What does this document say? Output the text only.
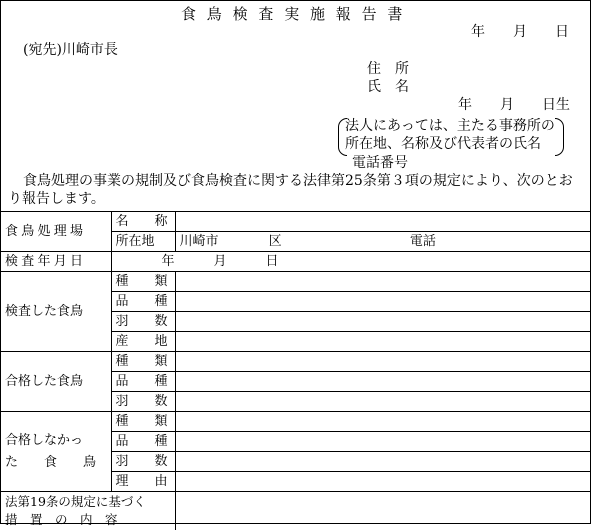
食鳥検査実施報告書
年　　月　　日
(宛先)川崎市長
住　所
氏　名
年　　月　　日生
法人にあっては、主たる事務所の
所在地、名称及び代表者の氏名
電話番号
食鳥処理の事業の規制及び食鳥検査に関する法律第25条第３項の規定により、次のとお
り報告します。
食鳥処理場	名　　称	
	所在地	川崎市 区 電話
検査年月日	年　　　月　　　日	
検査した食鳥	種　　類	
	品　　種	
	羽　　数	
	産　　地	
合格した食鳥	種　　類	
	品　　種	
	羽　　数	

合格しなかっ
た　　食　　鳥	種　　類	
	品　　種	
	羽　　数	
	理　　由	

法第19条の規定に基づく
措　置　の　内　容		
